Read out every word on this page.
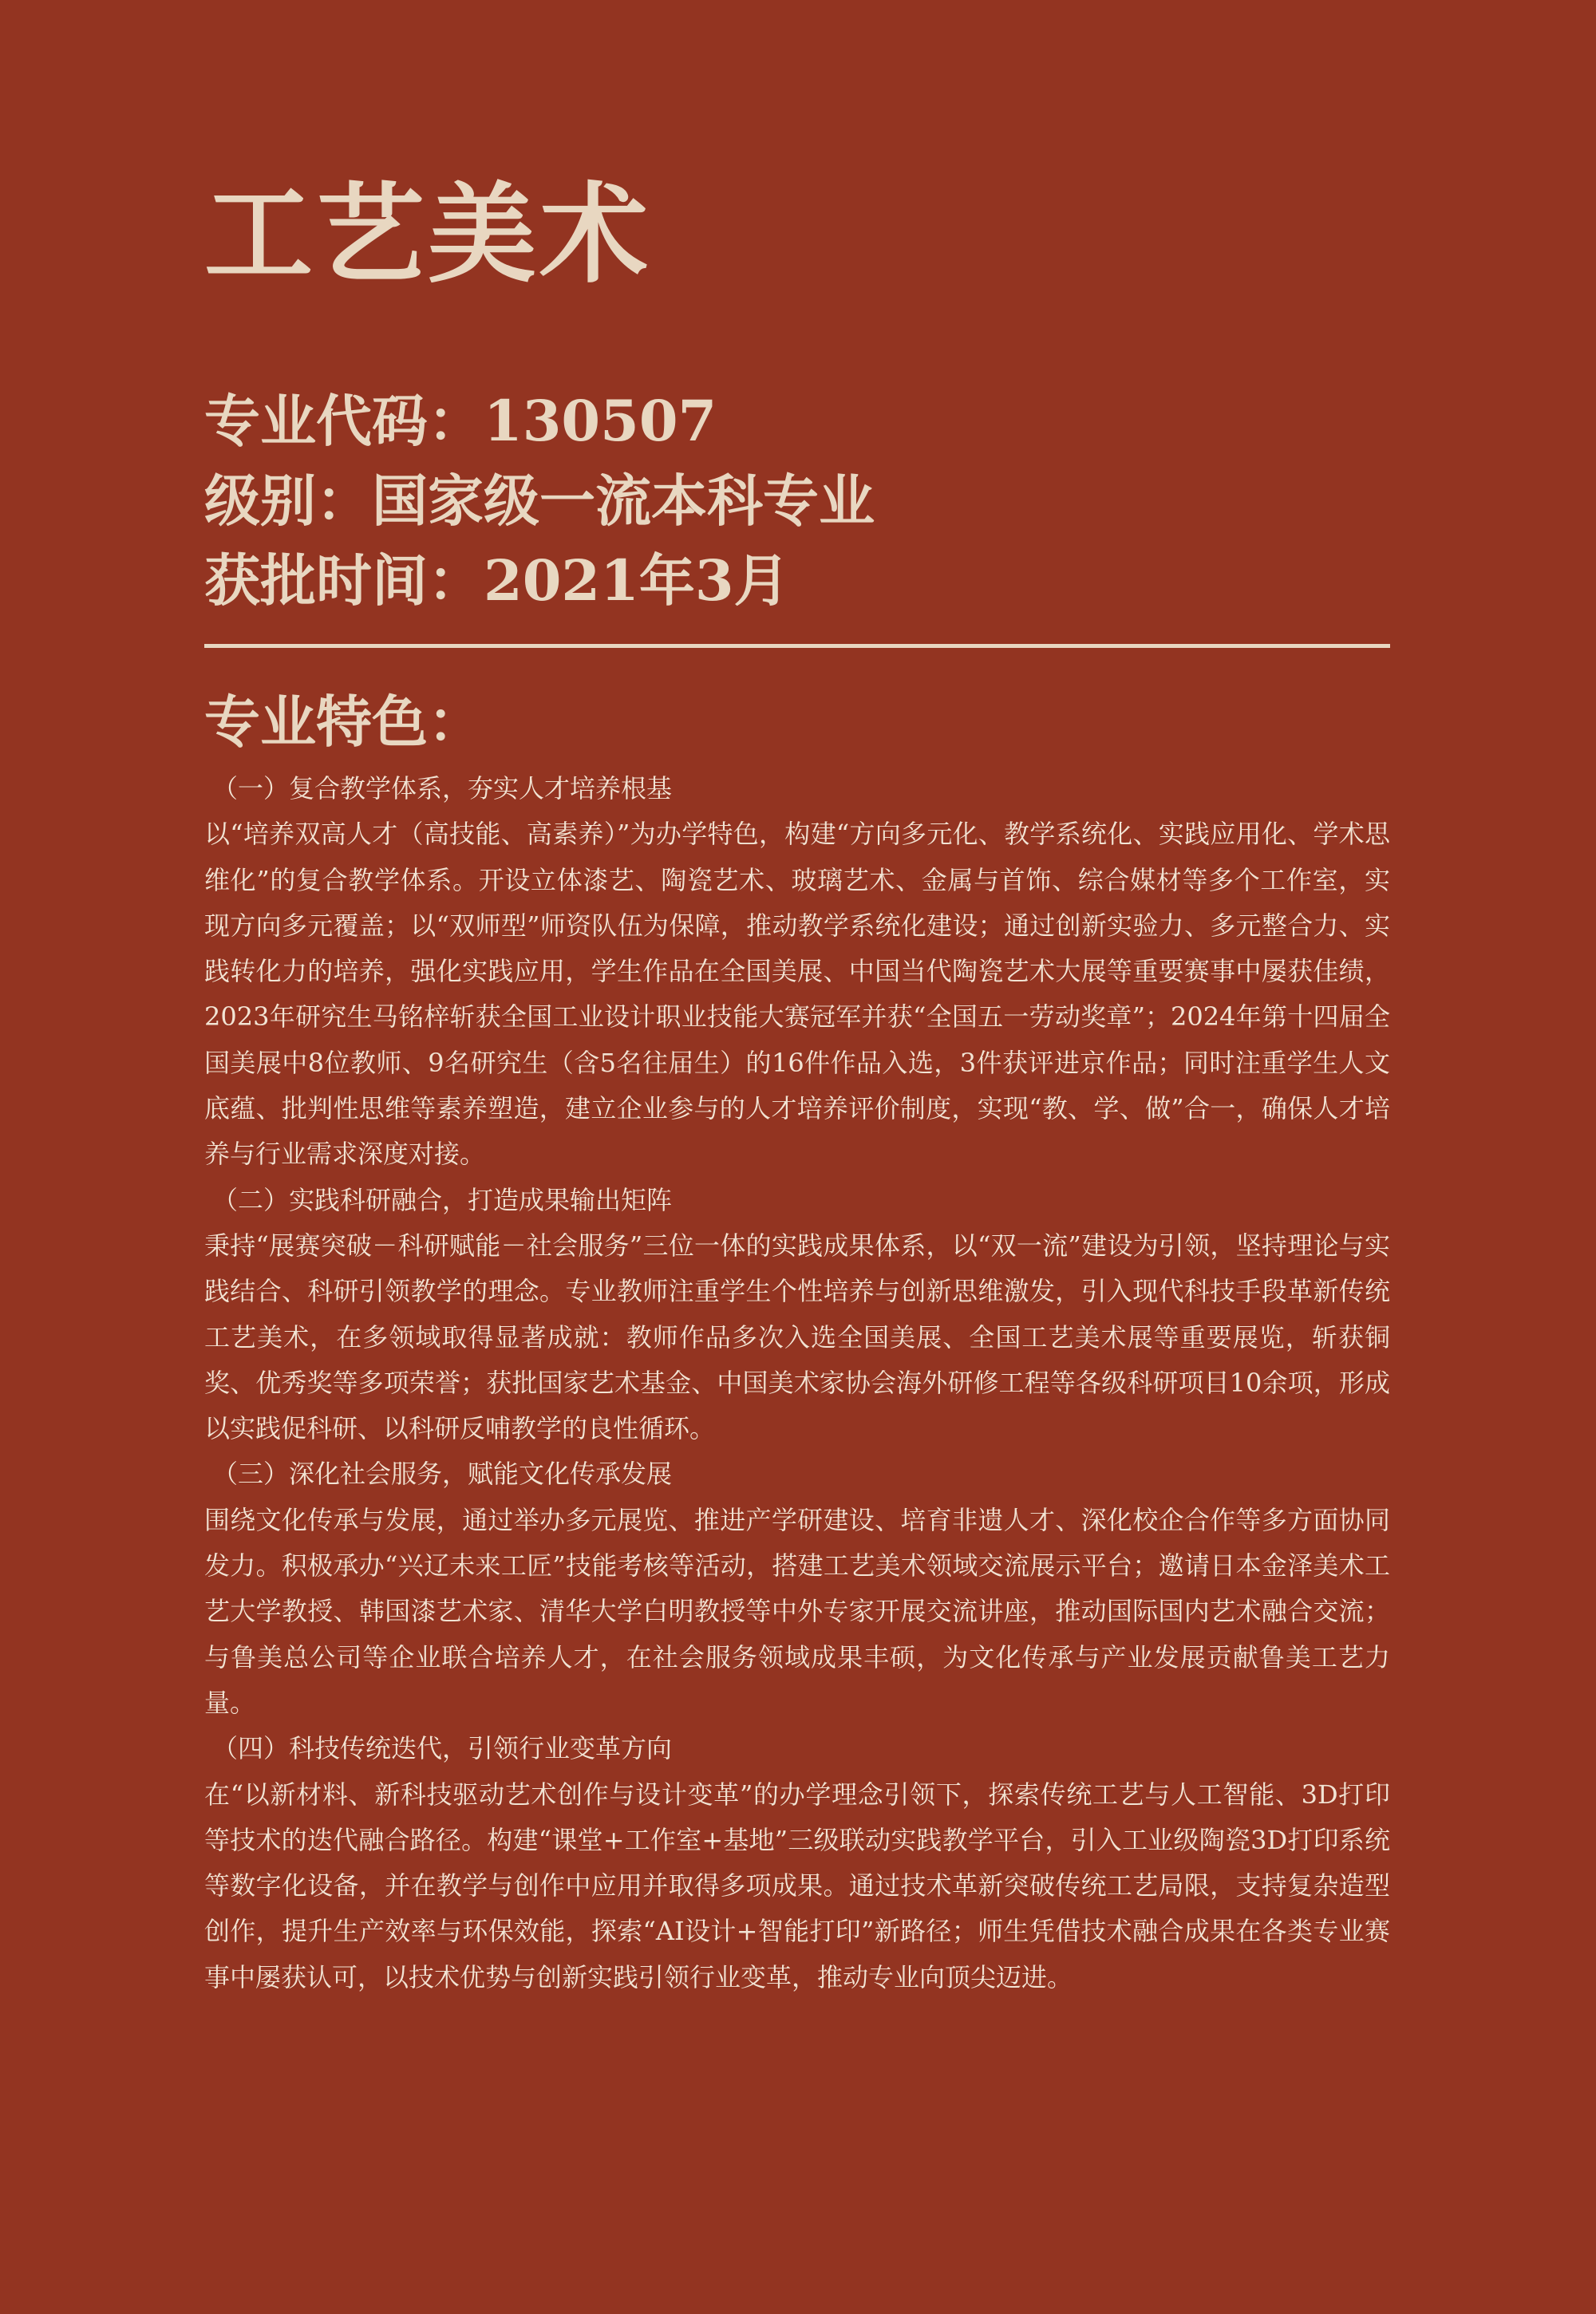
工艺美术
专业代码：130507
级别：国家级一流本科专业
获批时间：2021年3月
专业特色：

（一）复合教学体系，夯实人才培养根基

以“培养双高人才（高技能、高素养）”为办学特色，构建“方向多元化、教学系统化、实践应用化、学术思维化”的复合教学体系。开设立体漆艺、陶瓷艺术、玻璃艺术、金属与首饰、综合媒材等多个工作室，实现方向多元覆盖；以“双师型”师资队伍为保障，推动教学系统化建设；通过创新实验力、多元整合力、实践转化力的培养，强化实践应用，学生作品在全国美展、中国当代陶瓷艺术大展等重要赛事中屡获佳绩，2023年研究生马铭梓斩获全国工业设计职业技能大赛冠军并获“全国五一劳动奖章”；2024年第十四届全国美展中8位教师、9名研究生（含5名往届生）的16件作品入选，3件获评进京作品；同时注重学生人文底蕴、批判性思维等素养塑造，建立企业参与的人才培养评价制度，实现“教、学、做”合一，确保人才培养与行业需求深度对接。

（二）实践科研融合，打造成果输出矩阵

秉持“展赛突破－科研赋能－社会服务”三位一体的实践成果体系，以“双一流”建设为引领，坚持理论与实践结合、科研引领教学的理念。专业教师注重学生个性培养与创新思维激发，引入现代科技手段革新传统工艺美术，在多领域取得显著成就：教师作品多次入选全国美展、全国工艺美术展等重要展览，斩获铜奖、优秀奖等多项荣誉；获批国家艺术基金、中国美术家协会海外研修工程等各级科研项目10余项，形成以实践促科研、以科研反哺教学的良性循环。

（三）深化社会服务，赋能文化传承发展

围绕文化传承与发展，通过举办多元展览、推进产学研建设、培育非遗人才、深化校企合作等多方面协同发力。积极承办“兴辽未来工匠”技能考核等活动，搭建工艺美术领域交流展示平台；邀请日本金泽美术工艺大学教授、韩国漆艺术家、清华大学白明教授等中外专家开展交流讲座，推动国际国内艺术融合交流；与鲁美总公司等企业联合培养人才，在社会服务领域成果丰硕，为文化传承与产业发展贡献鲁美工艺力量。

（四）科技传统迭代，引领行业变革方向

在“以新材料、新科技驱动艺术创作与设计变革”的办学理念引领下，探索传统工艺与人工智能、3D打印等技术的迭代融合路径。构建“课堂+工作室+基地”三级联动实践教学平台，引入工业级陶瓷3D打印系统等数字化设备，并在教学与创作中应用并取得多项成果。通过技术革新突破传统工艺局限，支持复杂造型创作，提升生产效率与环保效能，探索“AI设计+智能打印”新路径；师生凭借技术融合成果在各类专业赛事中屡获认可，以技术优势与创新实践引领行业变革，推动专业向顶尖迈进。
